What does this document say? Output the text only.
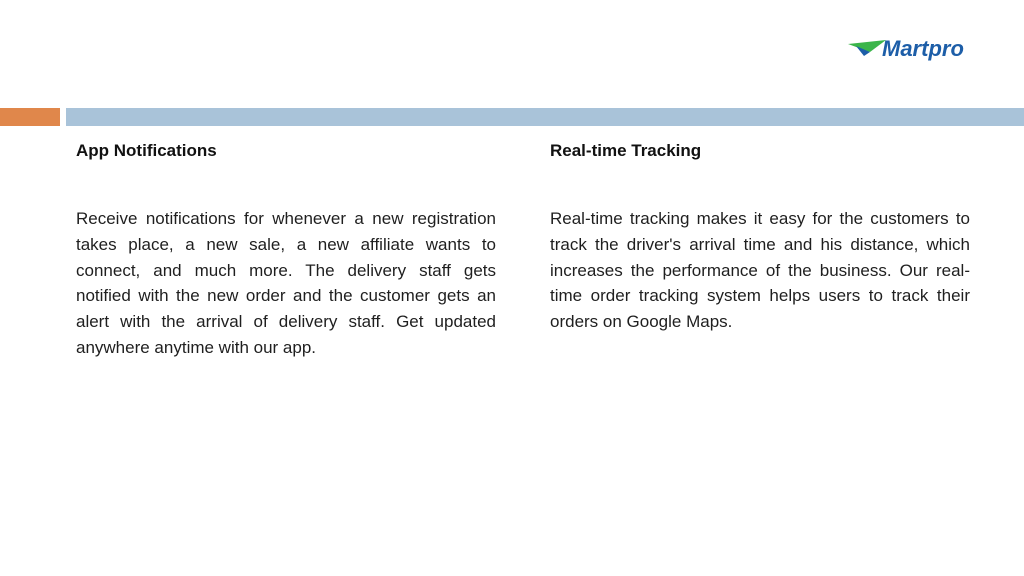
Martpro
App Notifications

Receive notifications for whenever a new registration takes place, a new sale, a new affiliate wants to connect, and much more. The delivery staff gets notified with the new order and the customer gets an alert with the arrival of delivery staff. Get updated anywhere anytime with our app.

Real-time Tracking

Real-time tracking makes it easy for the customers to track the driver's arrival time and his distance, which increases the performance of the business. Our real-time order tracking system helps users to track their orders on Google Maps.
